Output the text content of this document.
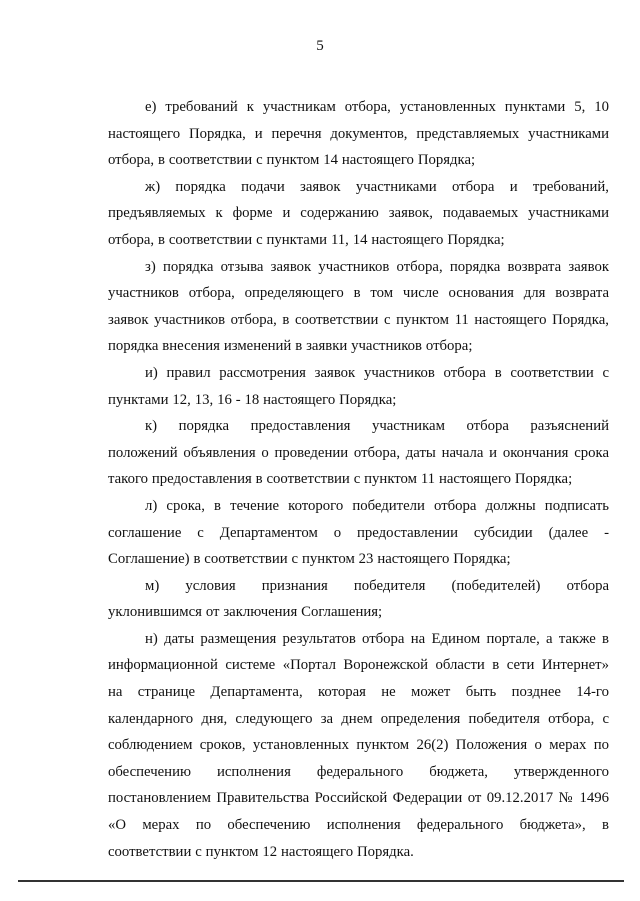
5

е) требований к участникам отбора, установленных пунктами 5, 10
настоящего Порядка, и перечня документов, представляемых участниками
отбора, в соответствии с пунктом 14 настоящего Порядка;

ж) порядка подачи заявок участниками отбора и требований,
предъявляемых к форме и содержанию заявок, подаваемых участниками
отбора, в соответствии с пунктами 11, 14 настоящего Порядка;

з) порядка отзыва заявок участников отбора, порядка возврата заявок
участников отбора, определяющего в том числе основания для возврата
заявок участников отбора, в соответствии с пунктом 11 настоящего Порядка,
порядка внесения изменений в заявки участников отбора;

и) правил рассмотрения заявок участников отбора в соответствии с
пунктами 12, 13, 16 - 18 настоящего Порядка;

к) порядка предоставления участникам отбора разъяснений
положений объявления о проведении отбора, даты начала и окончания срока
такого предоставления в соответствии с пунктом 11 настоящего Порядка;

л) срока, в течение которого победители отбора должны подписать
соглашение с Департаментом о предоставлении субсидии (далее -
Соглашение) в соответствии с пунктом 23 настоящего Порядка;

м) условия признания победителя (победителей) отбора
уклонившимся от заключения Соглашения;

н) даты размещения результатов отбора на Едином портале, а также в
информационной системе «Портал Воронежской области в сети Интернет»
на странице Департамента, которая не может быть позднее 14-го
календарного дня, следующего за днем определения победителя отбора, с
соблюдением сроков, установленных пунктом 26(2) Положения о мерах по
обеспечению исполнения федерального бюджета, утвержденного
постановлением Правительства Российской Федерации от 09.12.2017 № 1496
«О мерах по обеспечению исполнения федерального бюджета», в
соответствии с пунктом 12 настоящего Порядка.
